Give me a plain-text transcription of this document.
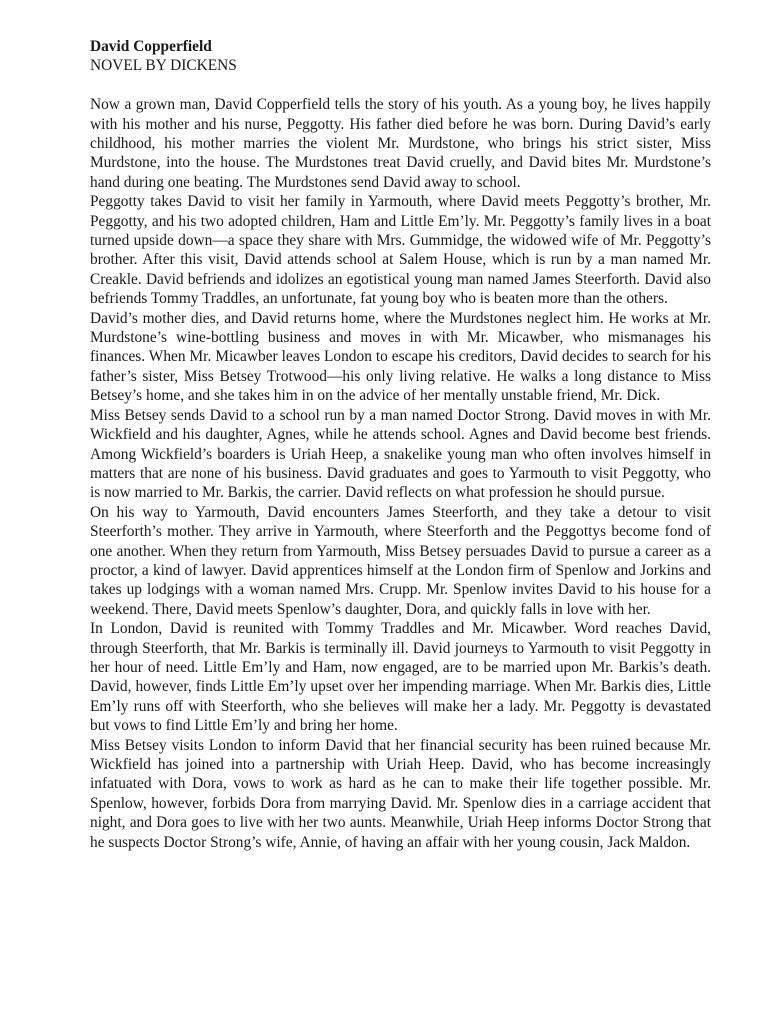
David Copperfield

NOVEL BY DICKENS

Now a grown man, David Copperfield tells the story of his youth. As a young boy, he lives happily with his mother and his nurse, Peggotty. His father died before he was born. During David’s early childhood, his mother marries the violent Mr. Murdstone, who brings his strict sister, Miss Murdstone, into the house. The Murdstones treat David cruelly, and David bites Mr. Murdstone’s hand during one beating. The Murdstones send David away to school.

Peggotty takes David to visit her family in Yarmouth, where David meets Peggotty’s brother, Mr. Peggotty, and his two adopted children, Ham and Little Em’ly. Mr. Peggotty’s family lives in a boat turned upside down—a space they share with Mrs. Gummidge, the widowed wife of Mr. Peggotty’s brother. After this visit, David attends school at Salem House, which is run by a man named Mr. Creakle. David befriends and idolizes an egotistical young man named James Steerforth. David also befriends Tommy Traddles, an unfortunate, fat young boy who is beaten more than the others.

David’s mother dies, and David returns home, where the Murdstones neglect him. He works at Mr. Murdstone’s wine-bottling business and moves in with Mr. Micawber, who mismanages his finances. When Mr. Micawber leaves London to escape his creditors, David decides to search for his father’s sister, Miss Betsey Trotwood—his only living relative. He walks a long distance to Miss Betsey’s home, and she takes him in on the advice of her mentally unstable friend, Mr. Dick.

Miss Betsey sends David to a school run by a man named Doctor Strong. David moves in with Mr. Wickfield and his daughter, Agnes, while he attends school. Agnes and David become best friends. Among Wickfield’s boarders is Uriah Heep, a snakelike young man who often involves himself in matters that are none of his business. David graduates and goes to Yarmouth to visit Peggotty, who is now married to Mr. Barkis, the carrier. David reflects on what profession he should pursue.

On his way to Yarmouth, David encounters James Steerforth, and they take a detour to visit Steerforth’s mother. They arrive in Yarmouth, where Steerforth and the Peggottys become fond of one another. When they return from Yarmouth, Miss Betsey persuades David to pursue a career as a proctor, a kind of lawyer. David apprentices himself at the London firm of Spenlow and Jorkins and takes up lodgings with a woman named Mrs. Crupp. Mr. Spenlow invites David to his house for a weekend. There, David meets Spenlow’s daughter, Dora, and quickly falls in love with her.

In London, David is reunited with Tommy Traddles and Mr. Micawber. Word reaches David, through Steerforth, that Mr. Barkis is terminally ill. David journeys to Yarmouth to visit Peggotty in her hour of need. Little Em’ly and Ham, now engaged, are to be married upon Mr. Barkis’s death. David, however, finds Little Em’ly upset over her impending marriage. When Mr. Barkis dies, Little Em’ly runs off with Steerforth, who she believes will make her a lady. Mr. Peggotty is devastated but vows to find Little Em’ly and bring her home.

Miss Betsey visits London to inform David that her financial security has been ruined because Mr. Wickfield has joined into a partnership with Uriah Heep. David, who has become increasingly infatuated with Dora, vows to work as hard as he can to make their life together possible. Mr. Spenlow, however, forbids Dora from marrying David. Mr. Spenlow dies in a carriage accident that night, and Dora goes to live with her two aunts. Meanwhile, Uriah Heep informs Doctor Strong that he suspects Doctor Strong’s wife, Annie, of having an affair with her young cousin, Jack Maldon.
